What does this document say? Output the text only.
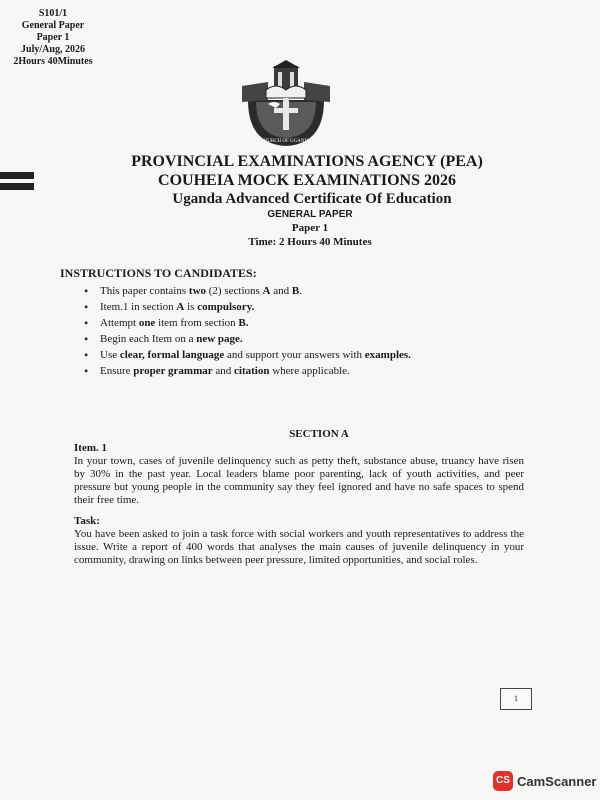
S101/1
General Paper
Paper 1
July/Aug, 2026
2Hours 40Minutes
CHURCH OF UGANDA
PROVINCIAL EXAMINATIONS AGENCY (PEA)
COUHEIA MOCK EXAMINATIONS 2026
Uganda Advanced Certificate Of Education
GENERAL PAPER
Paper 1
Time: 2 Hours 40 Minutes
INSTRUCTIONS TO CANDIDATES:
• This paper contains two (2) sections A and B.
• Item.1 in section A is compulsory.
• Attempt one item from section B.
• Begin each Item on a new page.
• Use clear, formal language and support your answers with examples.
• Ensure proper grammar and citation where applicable.
SECTION A
Item. 1

In your town, cases of juvenile delinquency such as petty theft, substance abuse, truancy have risen by 30% in the past year. Local leaders blame poor parenting, lack of youth activities, and peer pressure but young people in the community say they feel ignored and have no safe spaces to spend their free time.

Task:

You have been asked to join a task force with social workers and youth representatives to address the issue. Write a report of 400 words that analyses the main causes of juvenile delinquency in your community, drawing on links between peer pressure, limited opportunities, and social roles.

1
CS CamScanner
